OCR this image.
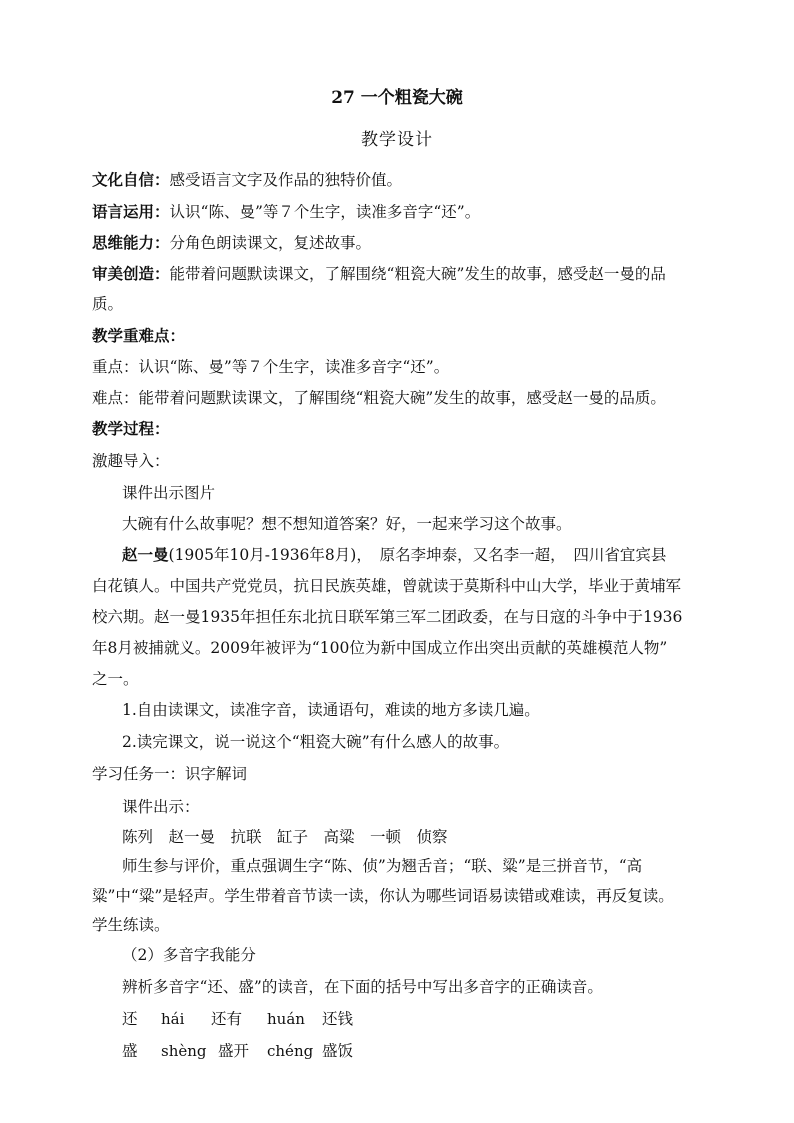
27 一个粗瓷大碗
教学设计
文化自信：感受语言文字及作品的独特价值。
语言运用：认识“陈、曼”等７个生字，读准多音字“还”。
思维能力：分角色朗读课文，复述故事。
审美创造：能带着问题默读课文，了解围绕“粗瓷大碗”发生的故事，感受赵一曼的品
质。
教学重难点：
重点：认识“陈、曼”等７个生字，读准多音字“还”。
难点：能带着问题默读课文，了解围绕“粗瓷大碗”发生的故事，感受赵一曼的品质。
教学过程：
激趣导入：
课件出示图片
大碗有什么故事呢？想不想知道答案？好，一起来学习这个故事。
赵一曼(1905年10月-1936年8月)，　原名李坤泰，又名李一超，　四川省宜宾县
白花镇人。中国共产党党员，抗日民族英雄，曾就读于莫斯科中山大学，毕业于黄埔军
校六期。赵一曼1935年担任东北抗日联军第三军二团政委，在与日寇的斗争中于1936
年8月被捕就义。2009年被评为“100位为新中国成立作出突出贡献的英雄模范人物”
之一。
1.自由读课文，读准字音，读通语句，难读的地方多读几遍。
2.读完课文，说一说这个“粗瓷大碗”有什么感人的故事。
学习任务一：识字解词
课件出示：
陈列　赵一曼　抗联　缸子　高粱　一顿　侦察
师生参与评价，重点强调生字“陈、侦”为翘舌音；“联、粱”是三拼音节，“高
粱”中“粱”是轻声。学生带着音节读一读，你认为哪些词语易读错或难读，再反复读。
学生练读。
（2）多音字我能分
辨析多音字“还、盛”的读音，在下面的括号中写出多音字的正确读音。
还 hái 还有 huán 还钱
盛 shèng 盛开 chéng 盛饭
